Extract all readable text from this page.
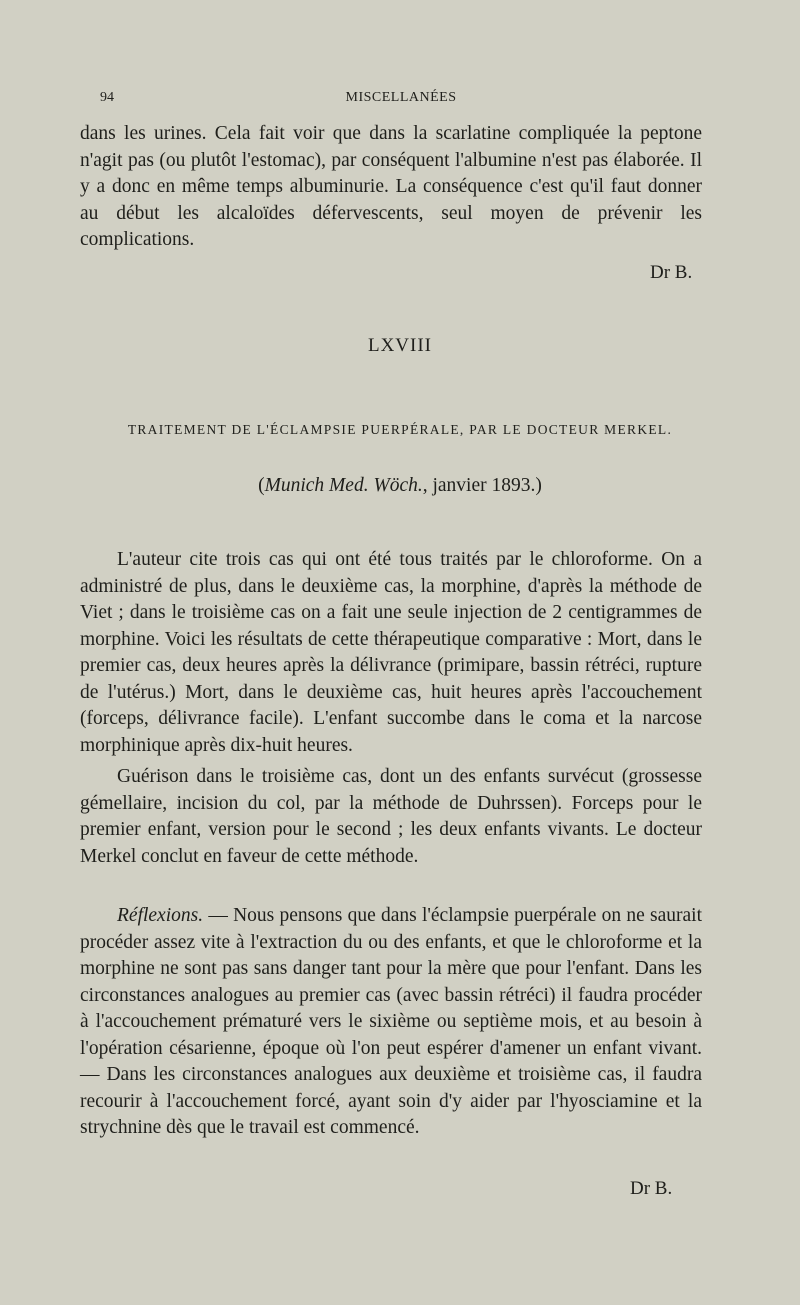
94	MISCELLANÉES

dans les urines. Cela fait voir que dans la scarlatine compliquée la peptone n'agit pas (ou plutôt l'estomac), par conséquent l'albumine n'est pas élaborée. Il y a donc en même temps albuminurie. La conséquence c'est qu'il faut donner au début les alcaloïdes défervescents, seul moyen de prévenir les complications.

Dr B.
LXVIII
TRAITEMENT DE L'ÉCLAMPSIE PUERPÉRALE, PAR LE DOCTEUR MERKEL.
(Munich Med. Wöch., janvier 1893.)

L'auteur cite trois cas qui ont été tous traités par le chloroforme. On a administré de plus, dans le deuxième cas, la morphine, d'après la méthode de Viet ; dans le troisième cas on a fait une seule injection de 2 centigrammes de morphine. Voici les résultats de cette thérapeutique comparative : Mort, dans le premier cas, deux heures après la délivrance (primipare, bassin rétréci, rupture de l'utérus.) Mort, dans le deuxième cas, huit heures après l'accouchement (forceps, délivrance facile). L'enfant succombe dans le coma et la narcose morphinique après dix-huit heures.

Guérison dans le troisième cas, dont un des enfants survécut (grossesse gémellaire, incision du col, par la méthode de Duhrssen). Forceps pour le premier enfant, version pour le second ; les deux enfants vivants. Le docteur Merkel conclut en faveur de cette méthode.

Réflexions. — Nous pensons que dans l'éclampsie puerpérale on ne saurait procéder assez vite à l'extraction du ou des enfants, et que le chloroforme et la morphine ne sont pas sans danger tant pour la mère que pour l'enfant. Dans les circonstances analogues au premier cas (avec bassin rétréci) il faudra procéder à l'accouchement prématuré vers le sixième ou septième mois, et au besoin à l'opération césarienne, époque où l'on peut espérer d'amener un enfant vivant. — Dans les circonstances analogues aux deuxième et troisième cas, il faudra recourir à l'accouchement forcé, ayant soin d'y aider par l'hyosciamine et la strychnine dès que le travail est commencé.

Dr B.
